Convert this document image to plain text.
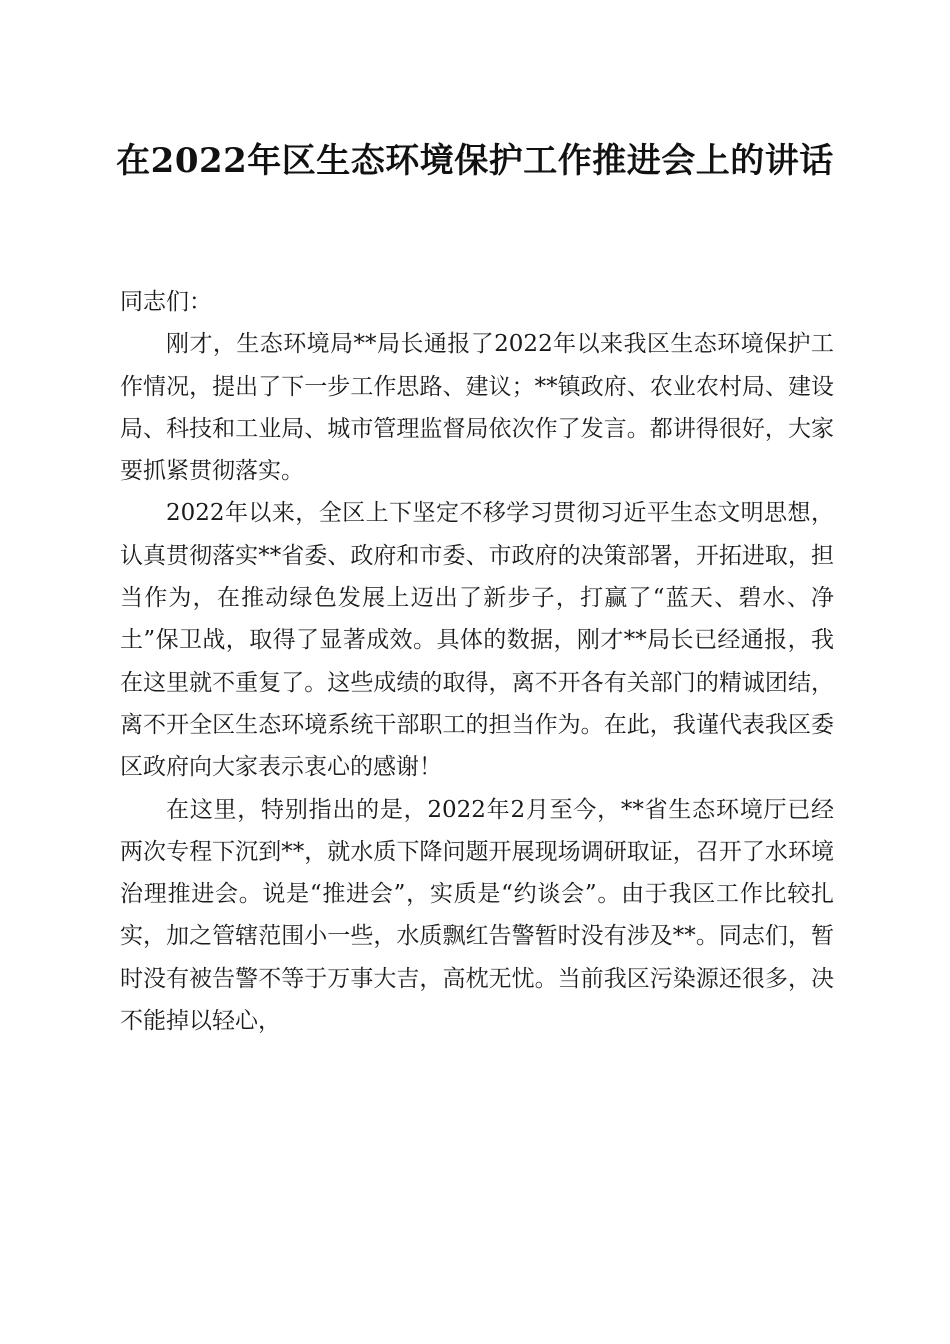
在2022年区生态环境保护工作推进会上的讲话

同志们：

刚才，生态环境局**局长通报了2022年以来我区生态环境保护工作情况，提出了下一步工作思路、建议；**镇政府、农业农村局、建设局、科技和工业局、城市管理监督局依次作了发言。都讲得很好，大家要抓紧贯彻落实。

2022年以来，全区上下坚定不移学习贯彻习近平生态文明思想，认真贯彻落实**省委、政府和市委、市政府的决策部署，开拓进取，担当作为，在推动绿色发展上迈出了新步子，打赢了“蓝天、碧水、净土”保卫战，取得了显著成效。具体的数据，刚才**局长已经通报，我在这里就不重复了。这些成绩的取得，离不开各有关部门的精诚团结，离不开全区生态环境系统干部职工的担当作为。在此，我谨代表我区委区政府向大家表示衷心的感谢！

在这里，特别指出的是，2022年2月至今，**省生态环境厅已经两次专程下沉到**，就水质下降问题开展现场调研取证，召开了水环境治理推进会。说是“推进会”，实质是“约谈会”。由于我区工作比较扎实，加之管辖范围小一些，水质飘红告警暂时没有涉及**。同志们，暂时没有被告警不等于万事大吉，高枕无忧。当前我区污染源还很多，决不能掉以轻心，
